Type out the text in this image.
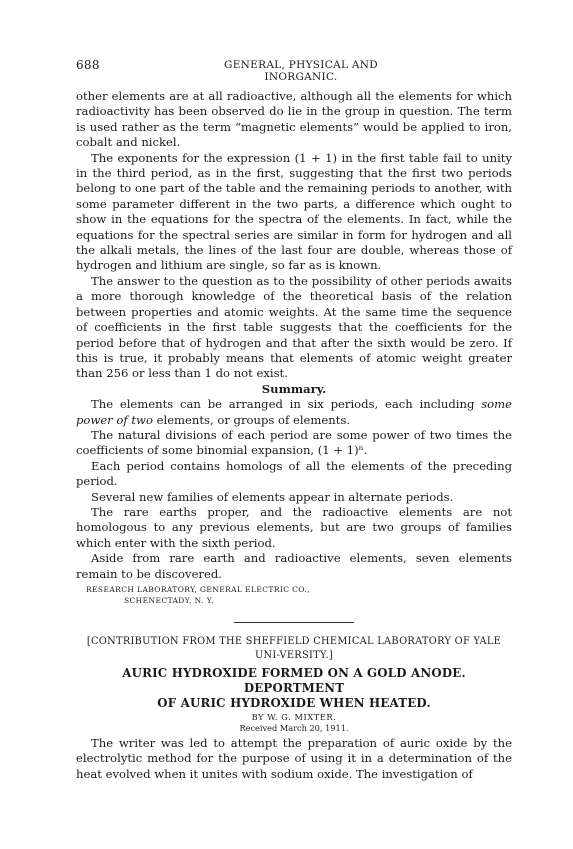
688	GENERAL, PHYSICAL AND INORGANIC.

other elements are at all radioactive, although all the elements for which radioactivity has been observed do lie in the group in question. The term is used rather as the term “magnetic elements” would be applied to iron, cobalt and nickel.

The exponents for the expression (1 + 1) in the first table fail to unity in the third period, as in the first, suggesting that the first two periods belong to one part of the table and the remaining periods to another, with some parameter different in the two parts, a difference which ought to show in the equations for the spectra of the elements. In fact, while the equations for the spectral series are similar in form for hydrogen and all the alkali metals, the lines of the last four are double, whereas those of hydrogen and lithium are single, so far as is known.

The answer to the question as to the possibility of other periods awaits a more thorough knowledge of the theoretical basis of the relation between properties and atomic weights. At the same time the sequence of coefficients in the first table suggests that the coefficients for the period before that of hydrogen and that after the sixth would be zero. If this is true, it probably means that elements of atomic weight greater than 256 or less than 1 do not exist.

Summary.

The elements can be arranged in six periods, each including some power of two elements, or groups of elements.

The natural divisions of each period are some power of two times the coefficients of some binomial expansion, (1 + 1)ⁿ.

Each period contains homologs of all the elements of the preceding period.

Several new families of elements appear in alternate periods.

The rare earths proper, and the radioactive elements are not homologous to any previous elements, but are two groups of families which enter with the sixth period.

Aside from rare earth and radioactive elements, seven elements remain to be discovered.

RESEARCH LABORATORY, GENERAL ELECTRIC CO.,
SCHENECTADY, N. Y.

[CONTRIBUTION FROM THE SHEFFIELD CHEMICAL LABORATORY OF YALE UNI-VERSITY.]

AURIC HYDROXIDE FORMED ON A GOLD ANODE. DEPORTMENT

OF AURIC HYDROXIDE WHEN HEATED.

BY W. G. MIXTER.

Received March 20, 1911.

The writer was led to attempt the preparation of auric oxide by the electrolytic method for the purpose of using it in a determination of the heat evolved when it unites with sodium oxide. The investigation of
